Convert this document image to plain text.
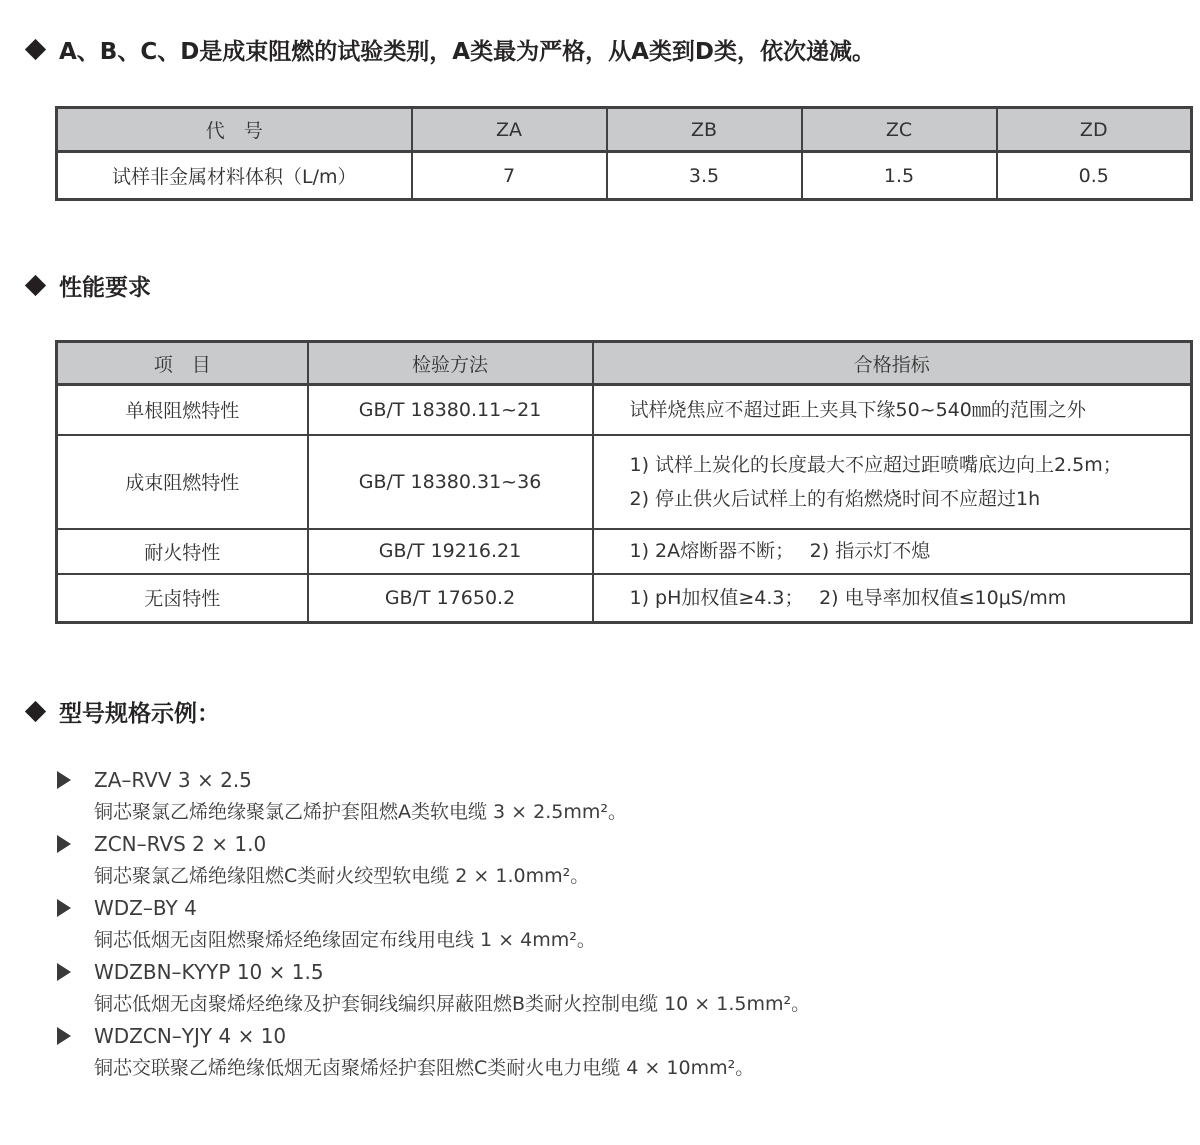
A、B、C、D是成束阻燃的试验类别，A类最为严格，从A类到D类，依次递减。
代　号	ZA	ZB	ZC	ZD
试样非金属材料体积（L/m）	7	3.5	1.5	0.5
性能要求
项　目	检验方法	合格指标
单根阻燃特性	GB/T 18380.11~21	试样烧焦应不超过距上夹具下缘50~540㎜的范围之外

成束阻燃特性	GB/T 18380.31~36	1) 试样上炭化的长度最大不应超过距喷嘴底边向上2.5m；
2) 停止供火后试样上的有焰燃烧时间不应超过1h

耐火特性	GB/T 19216.21	1) 2A熔断器不断；　 2) 指示灯不熄

无卤特性	GB/T 17650.2	1) pH加权值≥4.3；　 2) 电导率加权值≤10μS/mm
型号规格示例：
ZA–RVV 3 × 2.5
铜芯聚氯乙烯绝缘聚氯乙烯护套阻燃A类软电缆 3 × 2.5mm²。
ZCN–RVS 2 × 1.0
铜芯聚氯乙烯绝缘阻燃C类耐火绞型软电缆 2 × 1.0mm²。
WDZ–BY 4
铜芯低烟无卤阻燃聚烯烃绝缘固定布线用电线 1 × 4mm²。
WDZBN–KYYP 10 × 1.5
铜芯低烟无卤聚烯烃绝缘及护套铜线编织屏蔽阻燃B类耐火控制电缆 10 × 1.5mm²。
WDZCN–YJY 4 × 10
铜芯交联聚乙烯绝缘低烟无卤聚烯烃护套阻燃C类耐火电力电缆 4 × 10mm²。
